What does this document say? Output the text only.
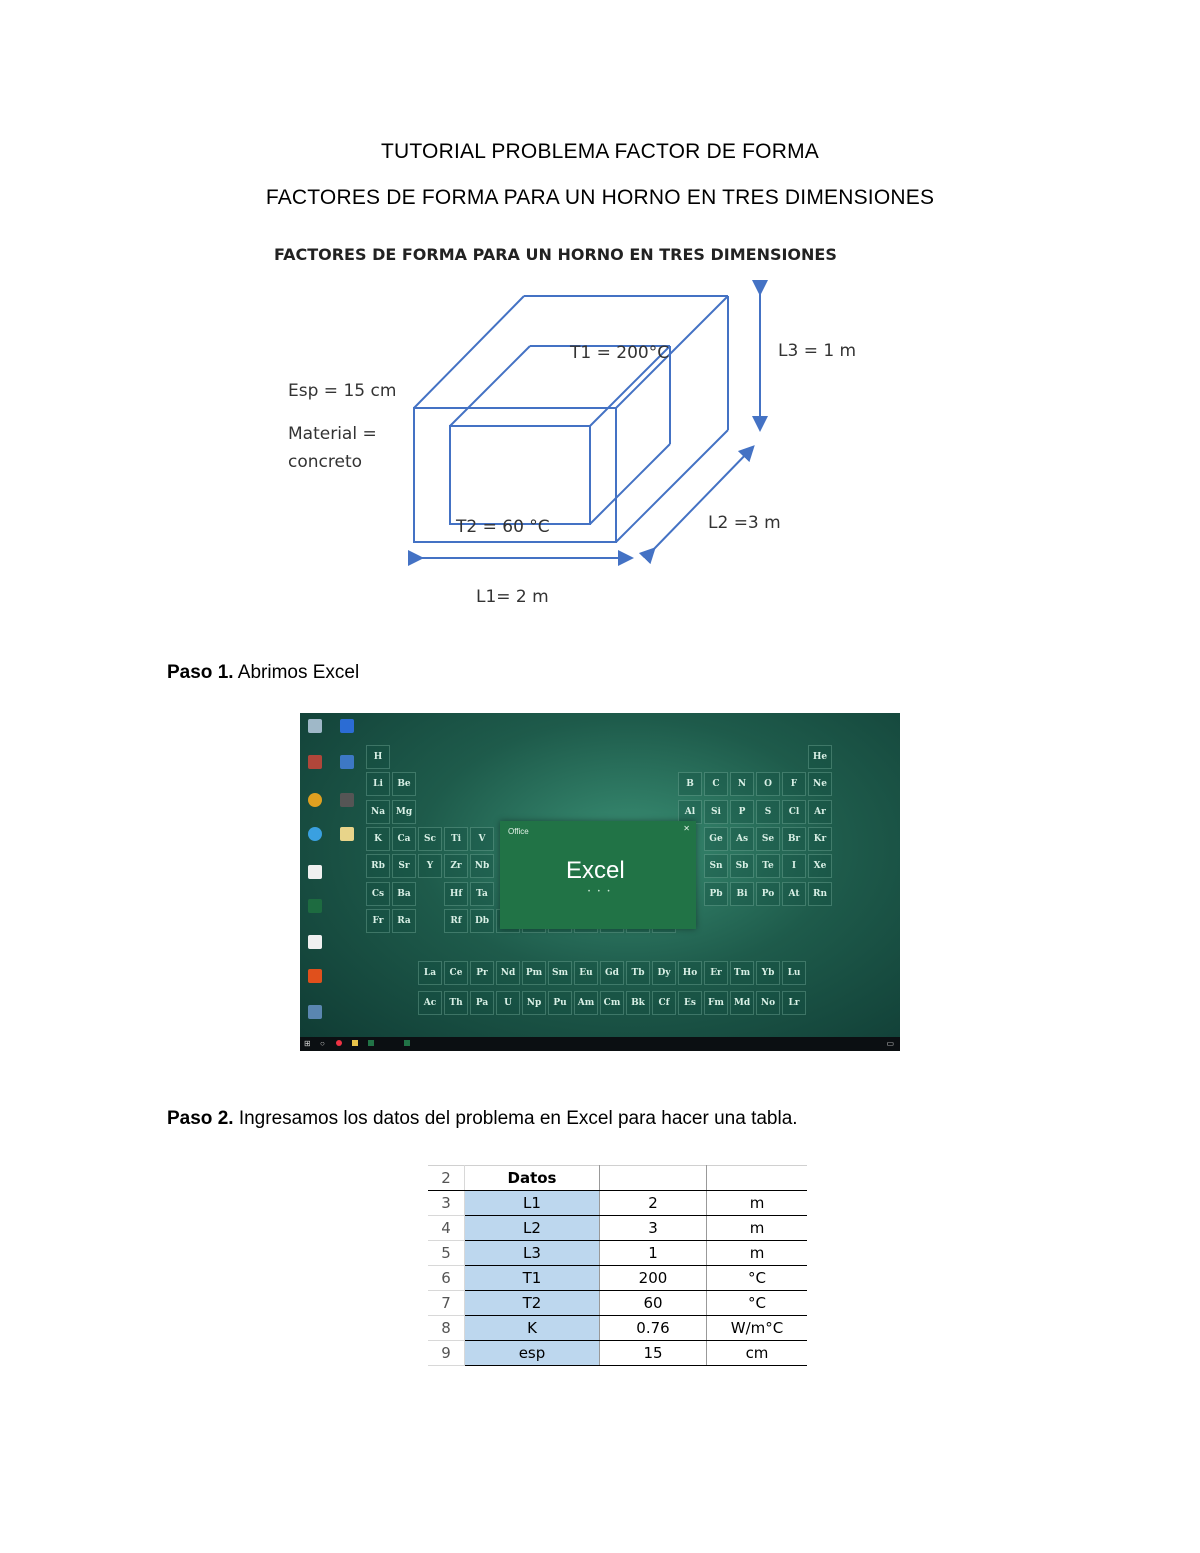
TUTORIAL PROBLEMA FACTOR DE FORMA
FACTORES DE FORMA PARA UN HORNO EN TRES DIMENSIONES
FACTORES DE FORMA PARA UN HORNO EN TRES DIMENSIONES
Esp = 15 cm
Material =
concreto
T1 = 200°C
T2 = 60 °C
L1= 2 m
L2 =3 m
L3 = 1 m
Paso 1. Abrimos Excel
H	He
Li	Be	B	C	N	O	F	Ne
Na	Mg	Al	Si	P	S	Cl	Ar
K	Ca	Sc	Ti	V	Ge	As	Se	Br	Kr
Rb	Sr	Y	Zr	Nb	Sn	Sb	Te	I	Xe
Cs	Ba	Hf	Ta	Pb	Bi	Po	At	Rn
Fr	Ra	Rf	Db
La	Ce	Pr	Nd	Pm	Sm	Eu	Gd	Tb	Dy	Ho	Er	Tm	Yb	Lu
Ac	Th	Pa	U	Np	Pu	Am	Cm	Bk	Cf	Es	Fm	Md	No	Lr
Office	✕
Excel
• • •
⊞ ○	▭
Paso 2. Ingresamos los datos del problema en Excel para hacer una tabla.
2	Datos		
3	L1	2	m
4	L2	3	m
5	L3	1	m
6	T1	200	°C
7	T2	60	°C
8	K	0.76	W/m°C
9	esp	15	cm
